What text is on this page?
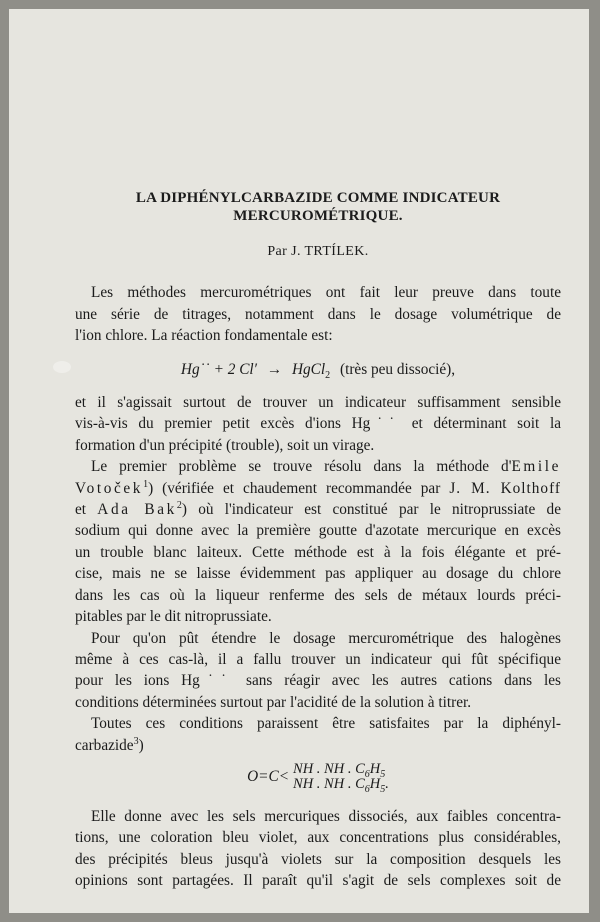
LA DIPHÉNYLCARBAZIDE COMME INDICATEUR
MERCUROMÉTRIQUE.
Par J. TRTÍLEK.

Les méthodes mercurométriques ont fait leur preuve dans toute
une série de titrages, notamment dans le dosage volumétrique de
l'ion chlore. La réaction fondamentale est:

Hg˙˙ + 2 Cl′ → HgCl$_2$ (très peu dissocié),

et il s'agissait surtout de trouver un indicateur suffisamment sensible
vis-à-vis du premier petit excès d'ions Hg˙˙ et déterminant soit la
formation d'un précipité (trouble), soit un virage.

Le premier problème se trouve résolu dans la méthode d'Emile
Votoček$^1$) (vérifiée et chaudement recommandée par J. M. Kolthoff
et Ada Bak$^2$) où l'indicateur est constitué par le nitroprussiate de
sodium qui donne avec la première goutte d'azotate mercurique en excès
un trouble blanc laiteux. Cette méthode est à la fois élégante et pré-
cise, mais ne se laisse évidemment pas appliquer au dosage du chlore
dans les cas où la liqueur renferme des sels de métaux lourds préci-
pitables par le dit nitroprussiate.

Pour qu'on pût étendre le dosage mercurométrique des halogènes
même à ces cas-là, il a fallu trouver un indicateur qui fût spécifique
pour les ions Hg˙˙ sans réagir avec les autres cations dans les
conditions déterminées surtout par l'acidité de la solution à titrer.

Toutes ces conditions paraissent être satisfaites par la diphényl-
carbazide$^3$)

O=C< NH . NH . $C_6H_5$
NH . NH . $C_6H_5$.

Elle donne avec les sels mercuriques dissociés, aux faibles concentra-
tions, une coloration bleu violet, aux concentrations plus considérables,
des précipités bleus jusqu'à violets sur la composition desquels les
opinions sont partagées. Il paraît qu'il s'agit de sels complexes soit de
